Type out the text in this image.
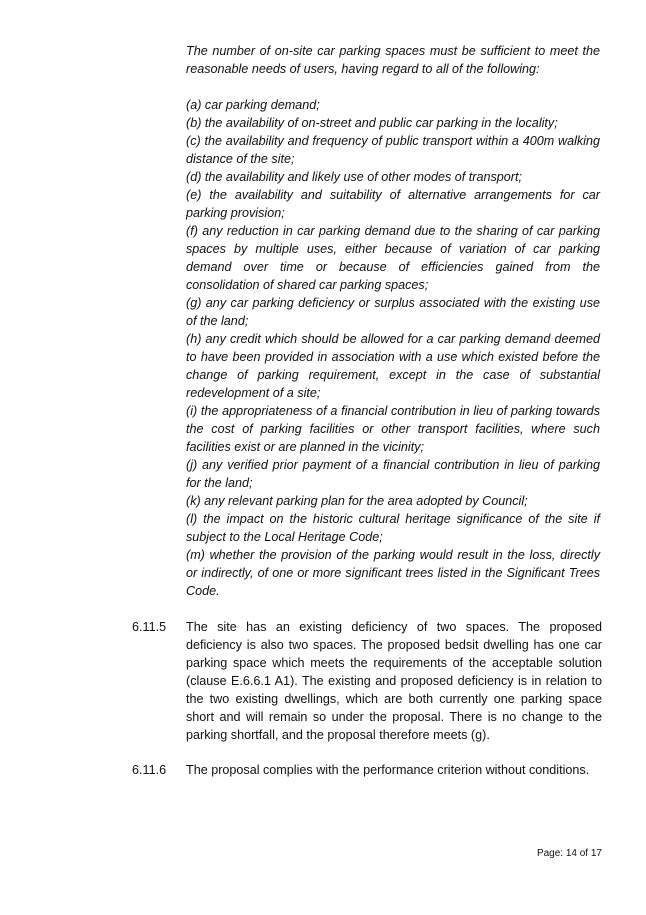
The number of on-site car parking spaces must be sufficient to meet the reasonable needs of users, having regard to all of the following:

(a) car parking demand;

(b) the availability of on-street and public car parking in the locality;

(c) the availability and frequency of public transport within a 400m walking distance of the site;

(d) the availability and likely use of other modes of transport;

(e) the availability and suitability of alternative arrangements for car parking provision;

(f) any reduction in car parking demand due to the sharing of car parking spaces by multiple uses, either because of variation of car parking demand over time or because of efficiencies gained from the consolidation of shared car parking spaces;

(g) any car parking deficiency or surplus associated with the existing use of the land;

(h) any credit which should be allowed for a car parking demand deemed to have been provided in association with a use which existed before the change of parking requirement, except in the case of substantial redevelopment of a site;

(i) the appropriateness of a financial contribution in lieu of parking towards the cost of parking facilities or other transport facilities, where such facilities exist or are planned in the vicinity;

(j) any verified prior payment of a financial contribution in lieu of parking for the land;

(k) any relevant parking plan for the area adopted by Council;

(l) the impact on the historic cultural heritage significance of the site if subject to the Local Heritage Code;

(m) whether the provision of the parking would result in the loss, directly or indirectly, of one or more significant trees listed in the Significant Trees Code.

6.11.5	The site has an existing deficiency of two spaces. The proposed deficiency is also two spaces. The proposed bedsit dwelling has one car parking space which meets the requirements of the acceptable solution (clause E.6.6.1 A1). The existing and proposed deficiency is in relation to the two existing dwellings, which are both currently one parking space short and will remain so under the proposal. There is no change to the parking shortfall, and the proposal therefore meets (g).
6.11.6	The proposal complies with the performance criterion without conditions.
Page: 14 of 17
